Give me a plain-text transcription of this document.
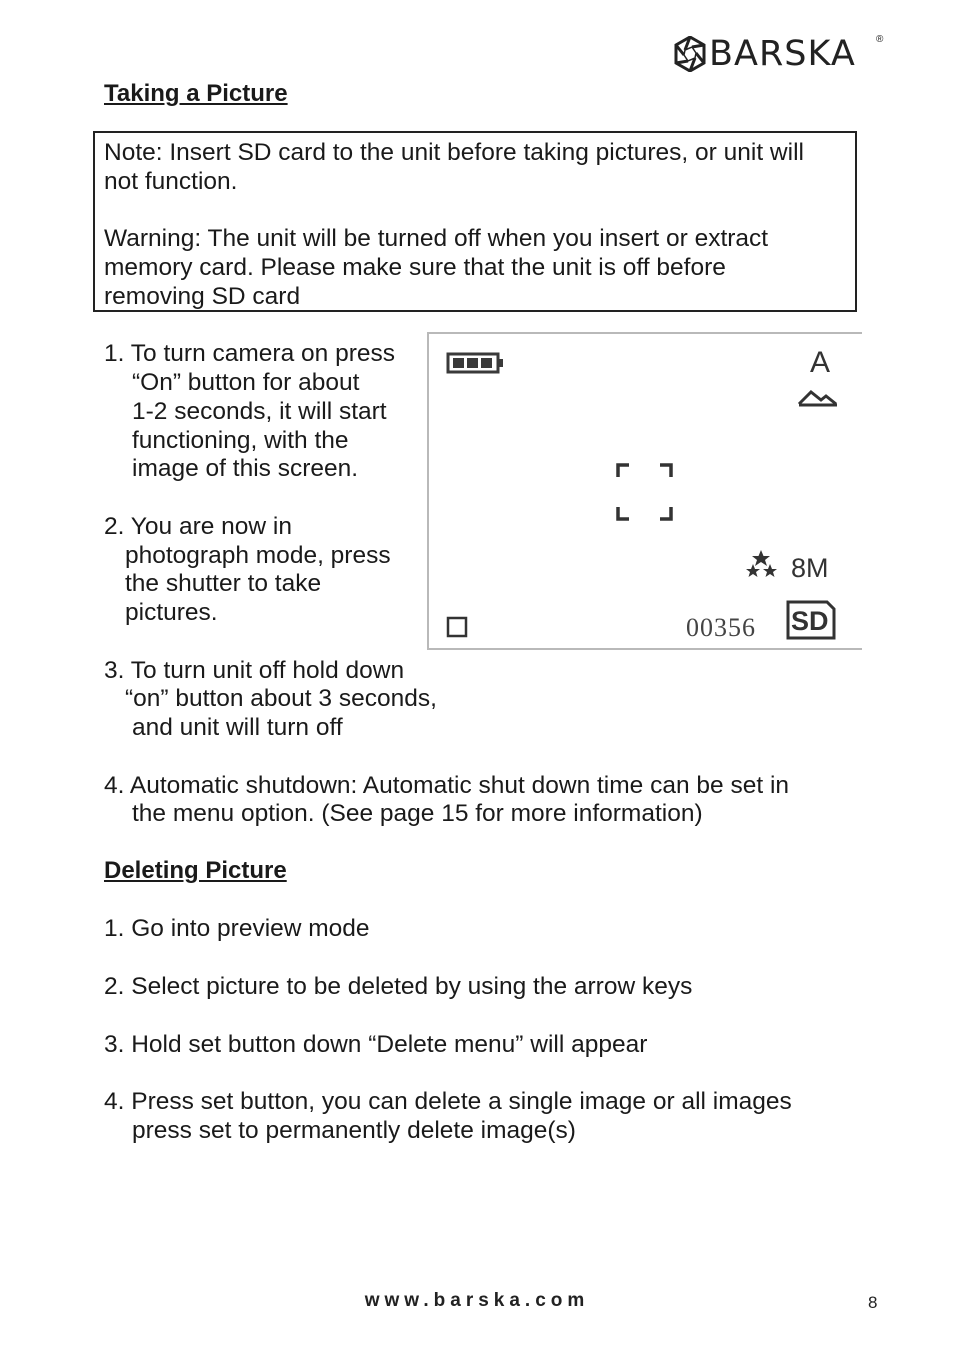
BARSKA ®
Taking a Picture
Note: Insert SD card to the unit before taking pictures, or unit will
not function.
Warning: The unit will be turned off when you insert or extract
memory card. Please make sure that the unit is off before
removing SD card
1. To turn camera on press
“On” button for about
1-2 seconds, it will start
functioning, with the
image of this screen.
2. You are now in
photograph mode, press
the shutter to take
pictures.
3. To turn unit off hold down
“on” button about 3 seconds,
and unit will turn off
4. Automatic shutdown: Automatic shut down time can be set in
the menu option. (See page 15 for more information)
A
8M
00356 SD
Deleting Picture
1. Go into preview mode
2. Select picture to be deleted by using the arrow keys
3. Hold set button down “Delete menu” will appear
4. Press set button, you can delete a single image or all images
press set to permanently delete image(s)
www.barska.com	8
